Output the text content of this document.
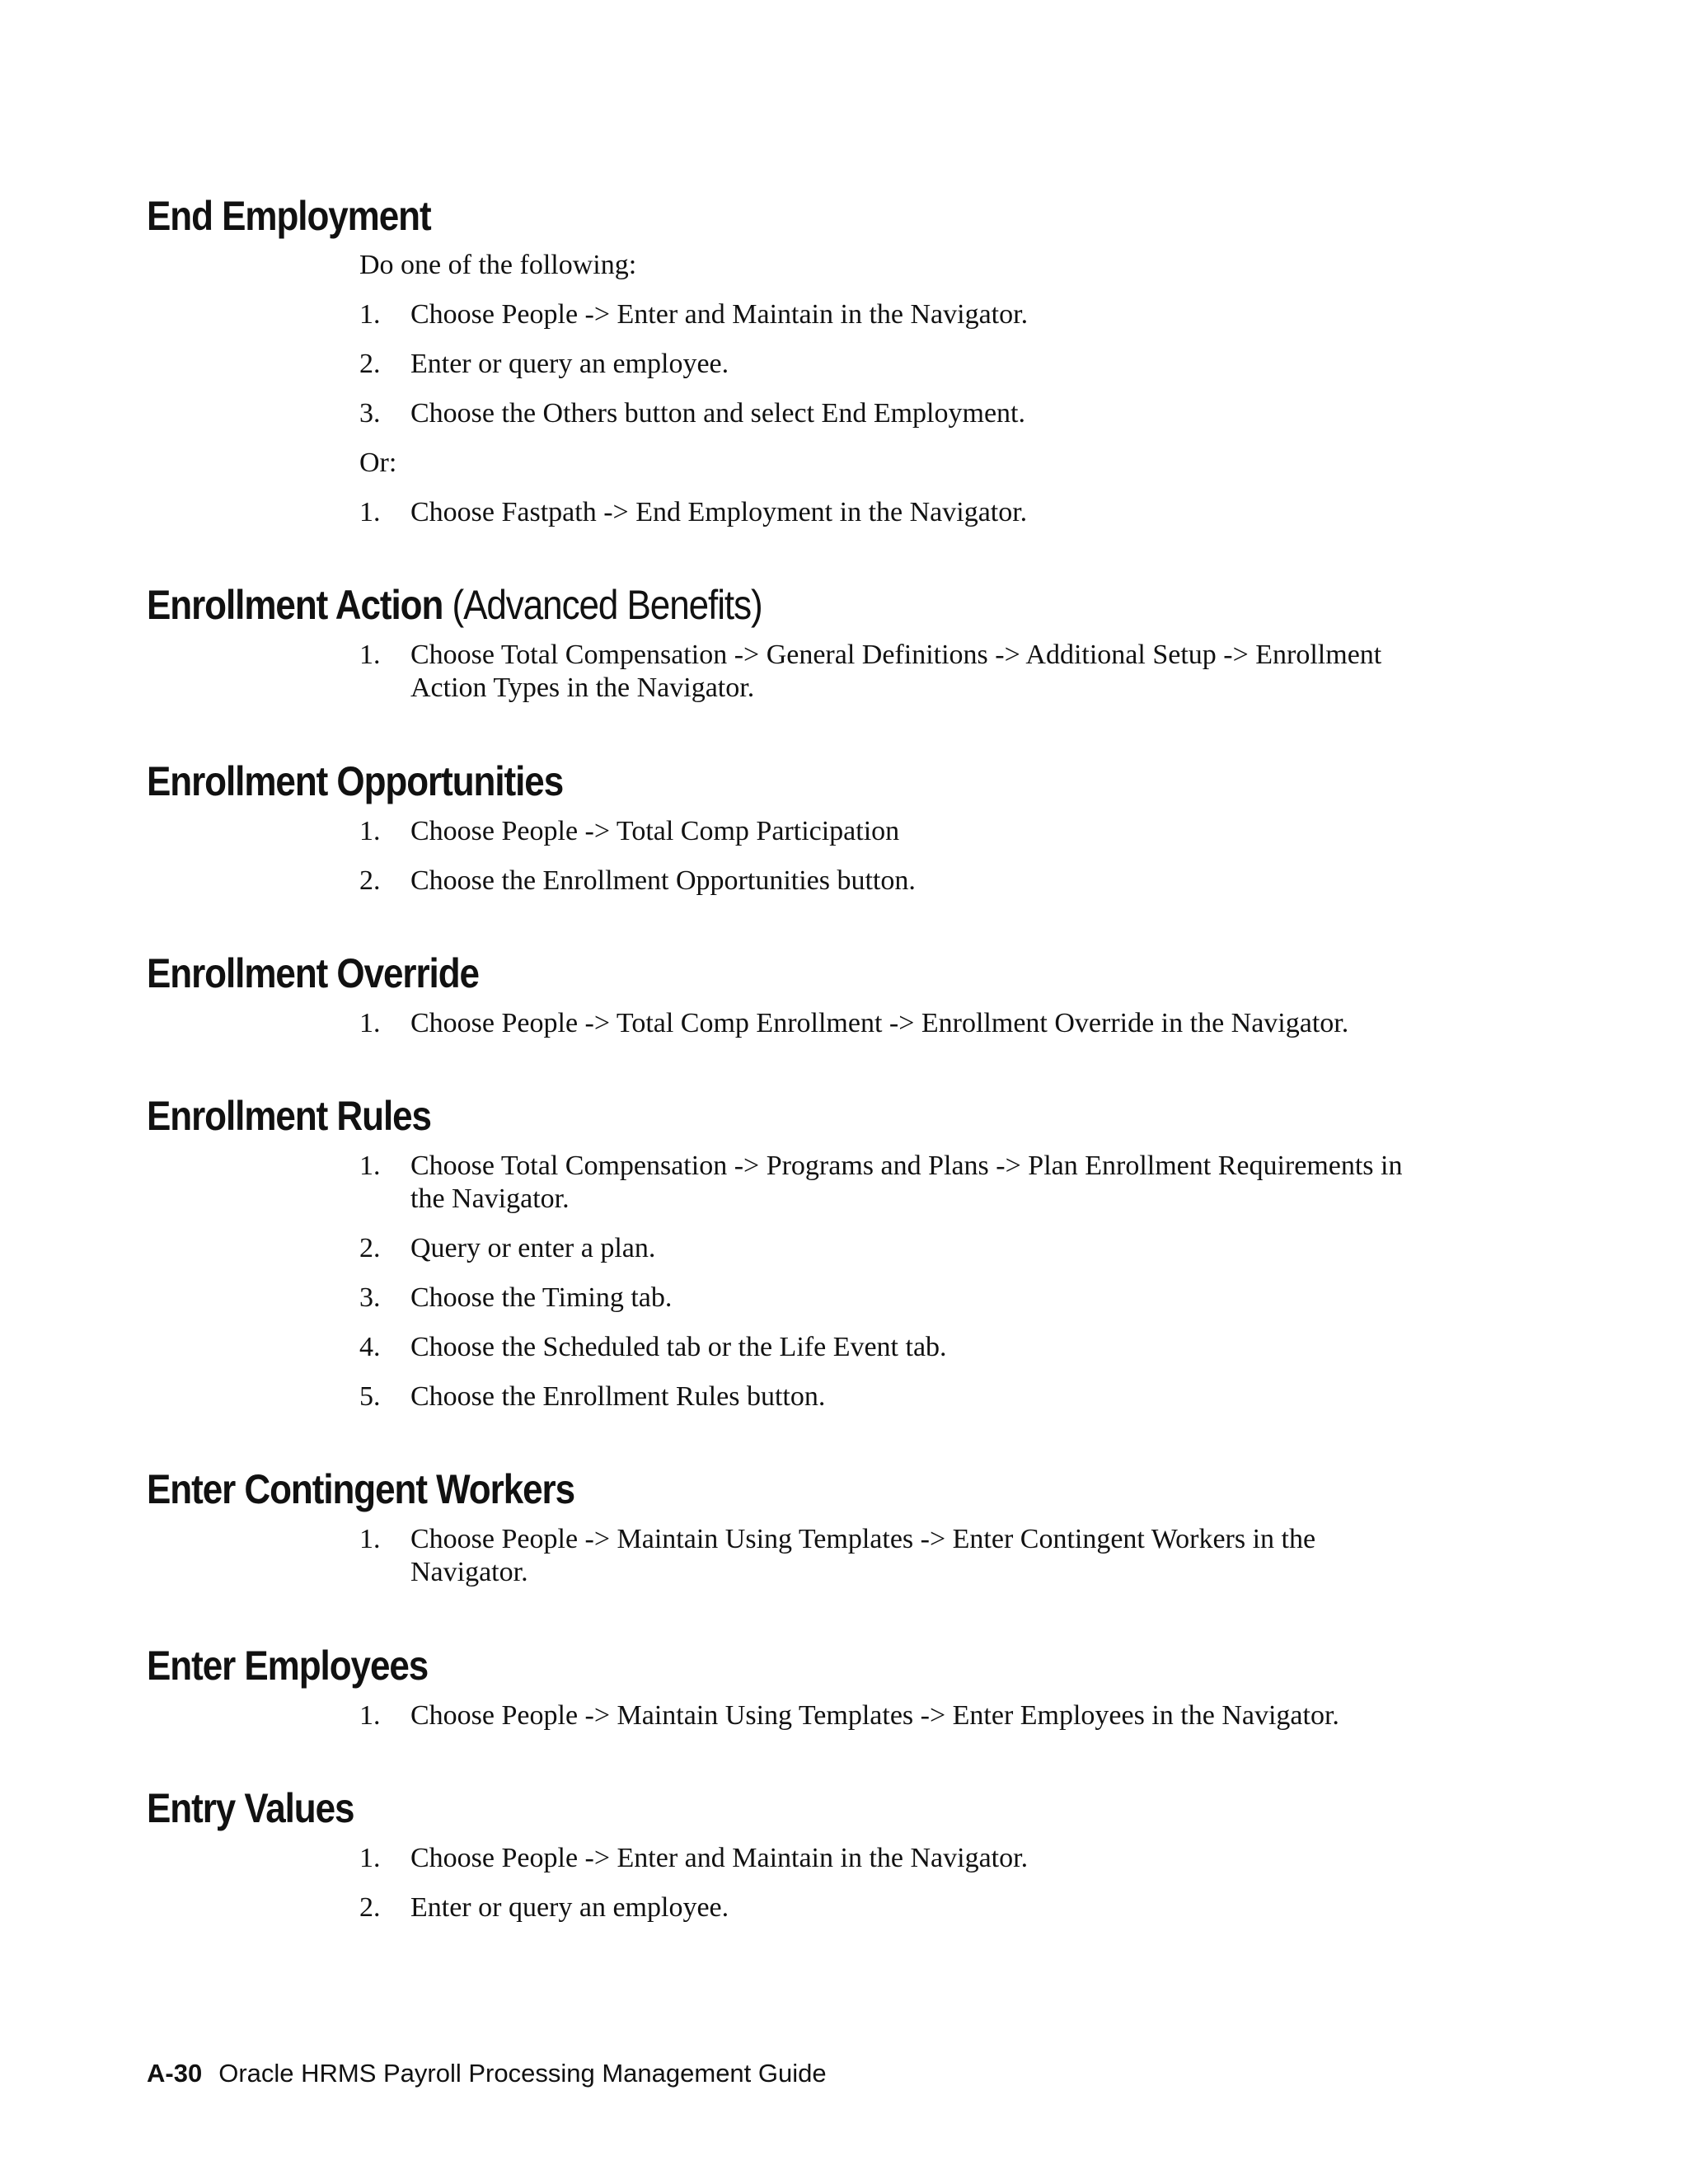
End Employment

Do one of the following:

1. Choose People -> Enter and Maintain in the Navigator.
2. Enter or query an employee.
3. Choose the Others button and select End Employment.

Or:

1. Choose Fastpath -> End Employment in the Navigator.
Enrollment Action (Advanced Benefits)
1. Choose Total Compensation -> General Definitions -> Additional Setup -> Enrollment Action Types in the Navigator.
Enrollment Opportunities
1. Choose People -> Total Comp Participation
2. Choose the Enrollment Opportunities button.
Enrollment Override
1. Choose People -> Total Comp Enrollment -> Enrollment Override in the Navigator.
Enrollment Rules
1. Choose Total Compensation -> Programs and Plans -> Plan Enrollment Requirements in the Navigator.
2. Query or enter a plan.
3. Choose the Timing tab.
4. Choose the Scheduled tab or the Life Event tab.
5. Choose the Enrollment Rules button.
Enter Contingent Workers
1. Choose People -> Maintain Using Templates -> Enter Contingent Workers in the Navigator.
Enter Employees
1. Choose People -> Maintain Using Templates -> Enter Employees in the Navigator.
Entry Values
1. Choose People -> Enter and Maintain in the Navigator.
2. Enter or query an employee.
A-30 Oracle HRMS Payroll Processing Management Guide
